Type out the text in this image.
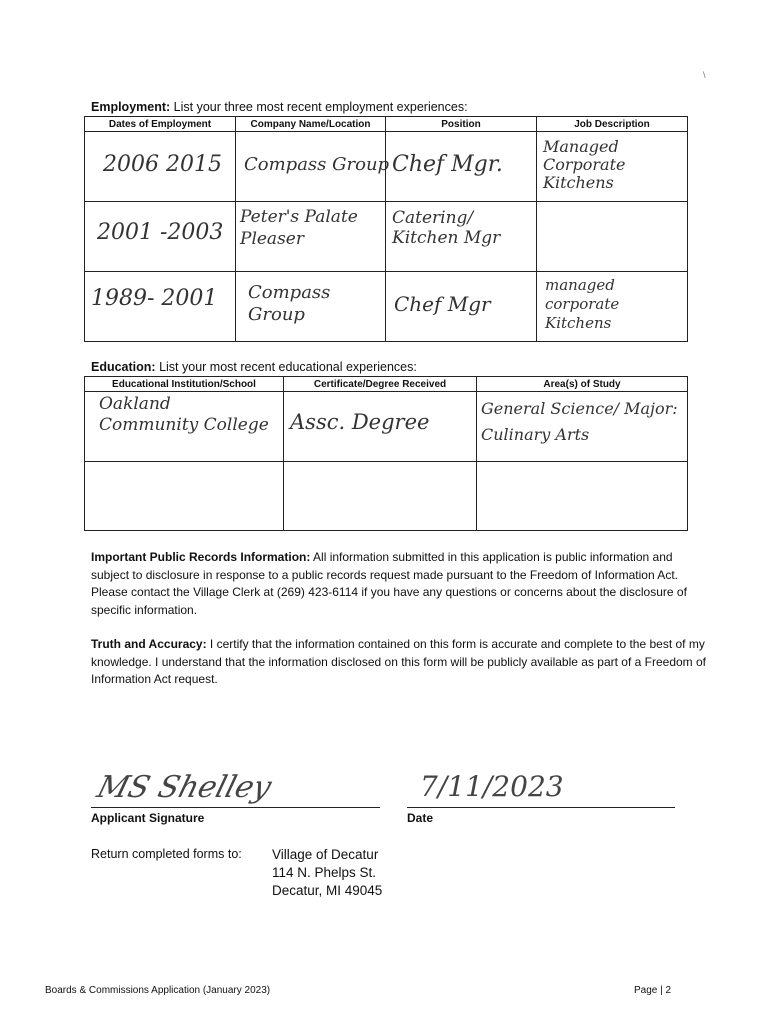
\
Employment: List your three most recent employment experiences:
Dates of Employment	Company Name/Location	Position	Job Description

2006 2015	Compass Group	Chef Mgr.	Managed Corporate Kitchens

2001 -2003	Peter's Palate Pleaser	Catering/ Kitchen Mgr	

1989- 2001	Compass Group	Chef Mgr	managed corporate Kitchens
Education: List your most recent educational experiences:
Educational Institution/School	Certificate/Degree Received	Area(s) of Study

Oakland Community College	Assc. Degree	General Science/ Major: Culinary Arts

Important Public Records Information: All information submitted in this application is public information and subject to disclosure in response to a public records request made pursuant to the Freedom of Information Act. Please contact the Village Clerk at (269) 423-6114 if you have any questions or concerns about the disclosure of specific information.
Truth and Accuracy: I certify that the information contained on this form is accurate and complete to the best of my knowledge. I understand that the information disclosed on this form will be publicly available as part of a Freedom of Information Act request.
MS Shelley
Applicant Signature
7/11/2023
Date
Return completed forms to: Village of Decatur
114 N. Phelps St.
Decatur, MI 49045
Boards & Commissions Application (January 2023)	Page | 2
